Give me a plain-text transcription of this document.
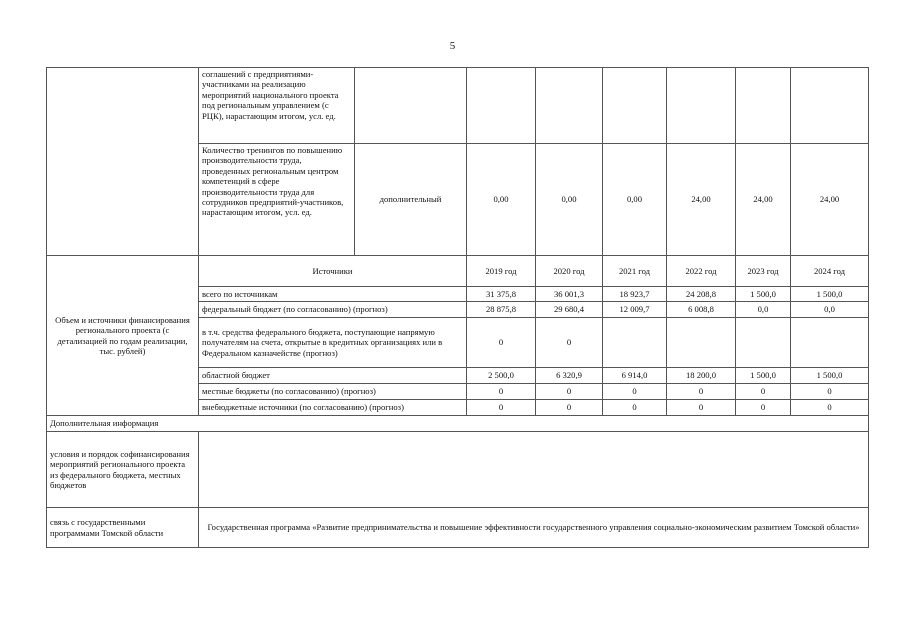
5
	соглашений с предприятиями-участниками на реализацию мероприятий национального проекта под региональным управлением (с РЦК), нарастающим итогом, усл. ед.							
	Количество тренингов по повышению производительности труда, проведенных региональным центром компетенций в сфере производительности труда для сотрудников предприятий-участников, нарастающим итогом, усл. ед.	дополнительный	0,00	0,00	0,00	24,00	24,00	24,00
Объем и источники финансирования регионального проекта (с детализацией по годам реализации, тыс. рублей)	Источники		2019 год	2020 год	2021 год	2022 год	2023 год	2024 год
	всего по источникам		31 375,8	36 001,3	18 923,7	24 208,8	1 500,0	1 500,0
	федеральный бюджет (по согласованию) (прогноз)		28 875,8	29 680,4	12 009,7	6 008,8	0,0	0,0
	в т.ч. средства федерального бюджета, поступающие напрямую получателям на счета, открытые в кредитных организациях или в Федеральном казначействе (прогноз)		0	0				
	областной бюджет		2 500,0	6 320,9	6 914,0	18 200,0	1 500,0	1 500,0
	местные бюджеты (по согласованию) (прогноз)		0	0	0	0	0	0
	внебюджетные источники (по согласованию) (прогноз)		0	0	0	0	0	0
Дополнительная информация								
условия и порядок софинансирования мероприятий регионального проекта из федерального бюджета, местных бюджетов								
связь с государственными программами Томской области	Государственная программа «Развитие предпринимательства и повышение эффективности государственного управления социально-экономическим развитием Томской области»							
